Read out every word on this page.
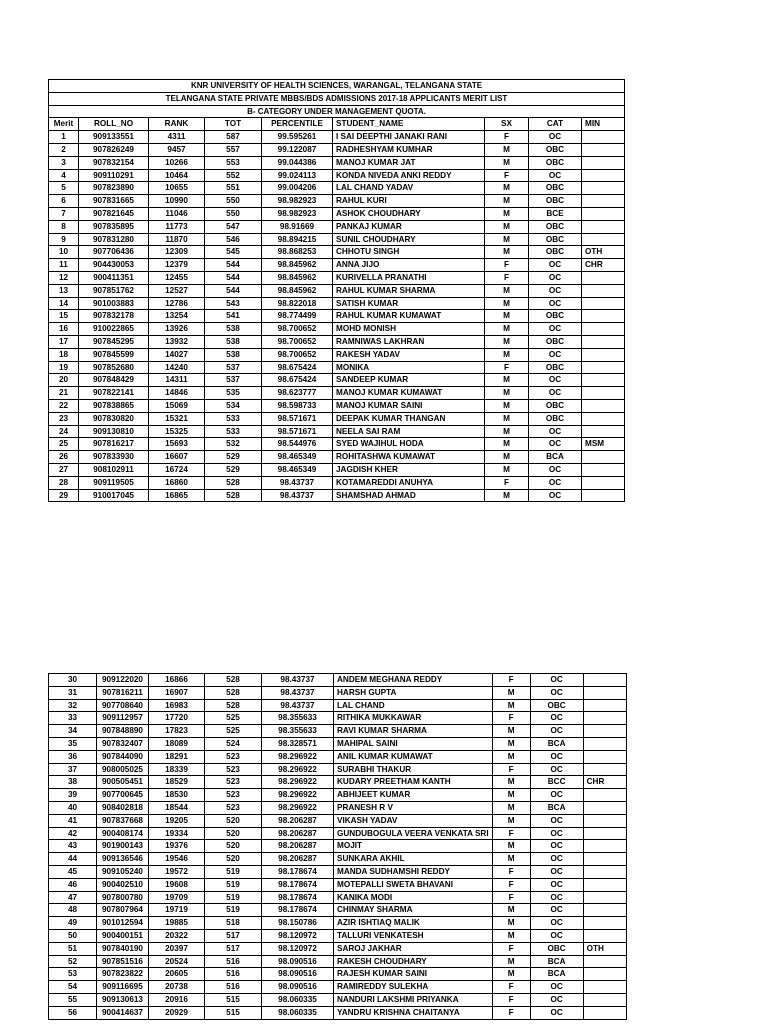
KNR UNIVERSITY OF HEALTH SCIENCES, WARANGAL, TELANGANA STATE								
TELANGANA STATE PRIVATE MBBS/BDS ADMISSIONS 2017-18 APPLICANTS MERIT LIST								
B- CATEGORY UNDER MANAGEMENT QUOTA.								
Merit	ROLL_NO	RANK	TOT	PERCENTILE	STUDENT_NAME	SX	CAT	MIN
1	909133551	4311	587	99.595261	I SAI DEEPTHI JANAKI RANI	F	OC	
2	907826249	9457	557	99.122087	RADHESHYAM KUMHAR	M	OBC	
3	907832154	10266	553	99.044386	MANOJ KUMAR JAT	M	OBC	
4	909110291	10464	552	99.024113	KONDA NIVEDA ANKI REDDY	F	OC	
5	907823890	10655	551	99.004206	LAL CHAND YADAV	M	OBC	
6	907831665	10990	550	98.982923	RAHUL KURI	M	OBC	
7	907821645	11046	550	98.982923	ASHOK CHOUDHARY	M	BCE	
8	907835895	11773	547	98.91669	PANKAJ KUMAR	M	OBC	
9	907831280	11870	546	98.894215	SUNIL CHOUDHARY	M	OBC	
10	907706436	12309	545	98.868253	CHHOTU SINGH	M	OBC	OTH
11	904430053	12379	544	98.845962	ANNA JIJO	F	OC	CHR
12	900411351	12455	544	98.845962	KURIVELLA PRANATHI	F	OC	
13	907851762	12527	544	98.845962	RAHUL KUMAR SHARMA	M	OC	
14	901003883	12786	543	98.822018	SATISH KUMAR	M	OC	
15	907832178	13254	541	98.774499	RAHUL KUMAR KUMAWAT	M	OBC	
16	910022865	13926	538	98.700652	MOHD MONISH	M	OC	
17	907845295	13932	538	98.700652	RAMNIWAS LAKHRAN	M	OBC	
18	907845599	14027	538	98.700652	RAKESH YADAV	M	OC	
19	907852680	14240	537	98.675424	MONIKA	F	OBC	
20	907848429	14311	537	98.675424	SANDEEP KUMAR	M	OC	
21	907822141	14846	535	98.623777	MANOJ KUMAR KUMAWAT	M	OC	
22	907838865	15069	534	98.598733	MANOJ KUMAR SAINI	M	OBC	
23	907830820	15321	533	98.571671	DEEPAK KUMAR THANGAN	M	OBC	
24	909130810	15325	533	98.571671	NEELA SAI RAM	M	OC	
25	907816217	15693	532	98.544976	SYED WAJIHUL HODA	M	OC	MSM
26	907833930	16607	529	98.465349	ROHITASHWA KUMAWAT	M	BCA	
27	908102911	16724	529	98.465349	JAGDISH KHER	M	OC	
28	909119505	16860	528	98.43737	KOTAMAREDDI ANUHYA	F	OC	
29	910017045	16865	528	98.43737	SHAMSHAD AHMAD	M	OC	
30	909122020	16866	528	98.43737	ANDEM MEGHANA REDDY	F	OC	
31	907816211	16907	528	98.43737	HARSH GUPTA	M	OC	
32	907708640	16983	528	98.43737	LAL CHAND	M	OBC	
33	909112957	17720	525	98.355633	RITHIKA MUKKAWAR	F	OC	
34	907848890	17823	525	98.355633	RAVI KUMAR SHARMA	M	OC	
35	907832407	18089	524	98.328571	MAHIPAL SAINI	M	BCA	
36	907844090	18291	523	98.296922	ANIL KUMAR KUMAWAT	M	OC	
37	908005025	18339	523	98.296922	SURABHI THAKUR	F	OC	
38	900505451	18529	523	98.296922	KUDARY PREETHAM KANTH	M	BCC	CHR
39	907700645	18530	523	98.296922	ABHIJEET KUMAR	M	OC	
40	908402818	18544	523	98.296922	PRANESH R V	M	BCA	
41	907837668	19205	520	98.206287	VIKASH YADAV	M	OC	
42	900408174	19334	520	98.206287	GUNDUBOGULA VEERA VENKATA SRI	F	OC	
43	901900143	19376	520	98.206287	MOJIT	M	OC	
44	909136546	19546	520	98.206287	SUNKARA AKHIL	M	OC	
45	909105240	19572	519	98.178674	MANDA SUDHAMSHI REDDY	F	OC	
46	900402510	19608	519	98.178674	MOTEPALLI SWETA BHAVANI	F	OC	
47	907800780	19709	519	98.178674	KANIKA MODI	F	OC	
48	907807964	19719	519	98.178674	CHINMAY SHARMA	M	OC	
49	901012594	19885	518	98.150786	AZIR ISHTIAQ MALIK	M	OC	
50	900400151	20322	517	98.120972	TALLURI VENKATESH	M	OC	
51	907840190	20397	517	98.120972	SAROJ JAKHAR	F	OBC	OTH
52	907851516	20524	516	98.090516	RAKESH CHOUDHARY	M	BCA	
53	907823822	20605	516	98.090516	RAJESH KUMAR SAINI	M	BCA	
54	909116695	20738	516	98.090516	RAMIREDDY SULEKHA	F	OC	
55	909130613	20916	515	98.060335	NANDURI LAKSHMI PRIYANKA	F	OC	
56	900414637	20929	515	98.060335	YANDRU KRISHNA CHAITANYA	F	OC	
